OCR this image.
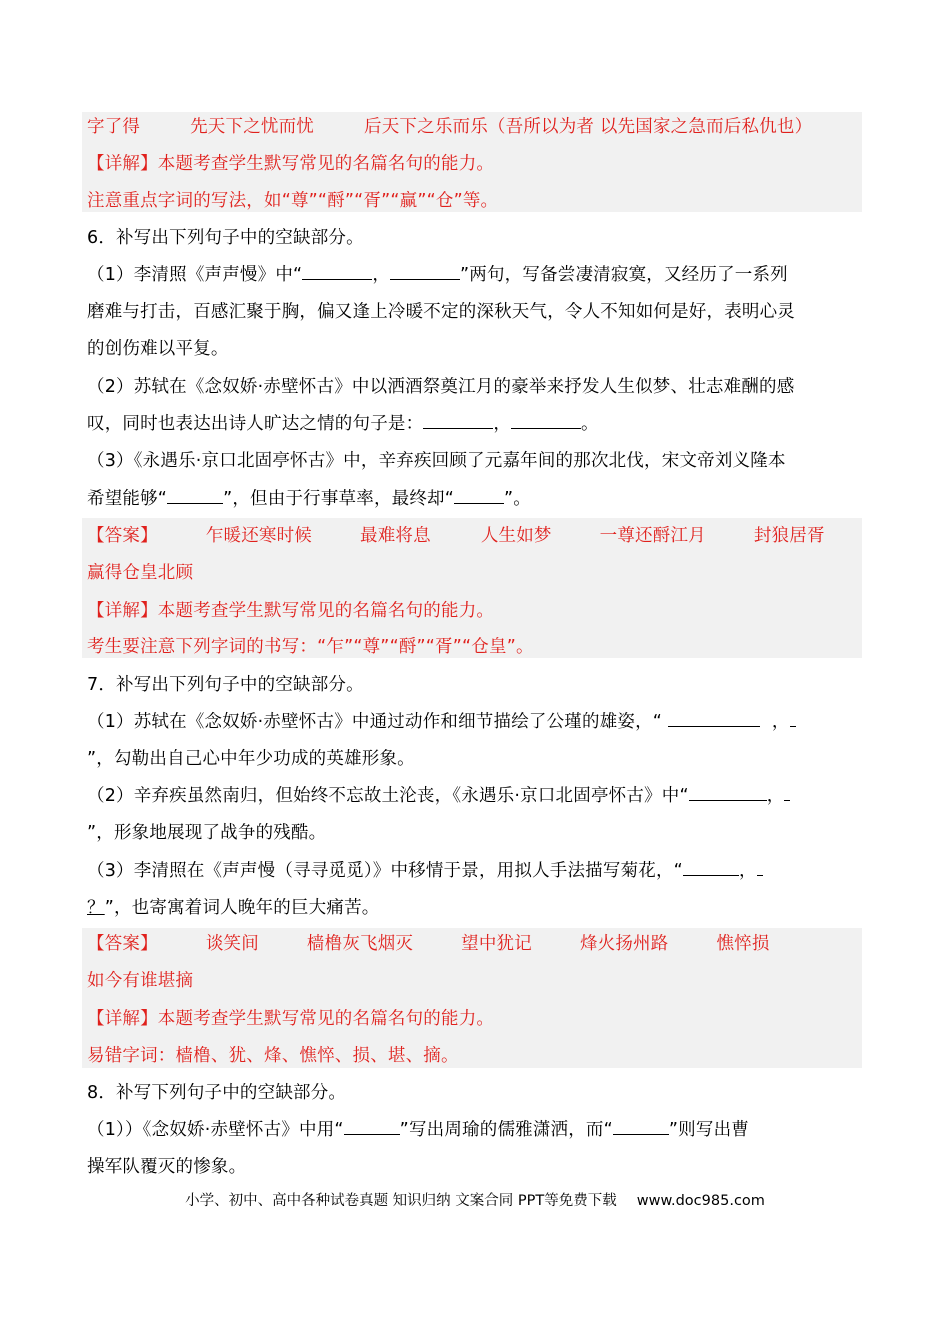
字了得	先天下之忧而忧	后天下之乐而乐（吾所以为者 以先国家之急而后私仇也）
【详解】本题考查学生默写常见的名篇名句的能力。
注意重点字词的写法，如“尊”“酹”“胥”“赢”“仓”等。
6．补写出下列句子中的空缺部分。
（1）李清照《声声慢》中“	，	”两句，写备尝凄清寂寞，又经历了一系列
磨难与打击，百感汇聚于胸，偏又逢上冷暖不定的深秋天气，令人不知如何是好，表明心灵
的创伤难以平复。
（2）苏轼在《念奴娇·赤壁怀古》中以洒酒祭奠江月的豪举来抒发人生似梦、壮志难酬的感
叹，同时也表达出诗人旷达之情的句子是：	，	。
（3）《永遇乐·京口北固亭怀古》中，辛弃疾回顾了元嘉年间的那次北伐，宋文帝刘义隆本
希望能够“	”，但由于行事草率，最终却“	”。
【答案】	乍暖还寒时候	最难将息	人生如梦	一尊还酹江月	封狼居胥
赢得仓皇北顾
【详解】本题考查学生默写常见的名篇名句的能力。
考生要注意下列字词的书写：“乍”“尊”“酹”“胥”“仓皇”。
7．补写出下列句子中的空缺部分。
（1）苏轼在《念奴娇·赤壁怀古》中通过动作和细节描绘了公瑾的雄姿，“	，
”，勾勒出自己心中年少功成的英雄形象。
（2）辛弃疾虽然南归，但始终不忘故土沦丧，《永遇乐·京口北固亭怀古》中“	，
”，形象地展现了战争的残酷。
（3）李清照在《声声慢（寻寻觅觅）》中移情于景，用拟人手法描写菊花，“	，
？”，也寄寓着词人晚年的巨大痛苦。
【答案】	谈笑间	樯橹灰飞烟灭	望中犹记	烽火扬州路	憔悴损
如今有谁堪摘
【详解】本题考查学生默写常见的名篇名句的能力。
易错字词：樯橹、犹、烽、憔悴、损、堪、摘。
8．补写下列句子中的空缺部分。
（1））《念奴娇·赤壁怀古》中用“	”写出周瑜的儒雅潇洒，而“	”则写出曹
操军队覆灭的惨象。
小学、初中、高中各种试卷真题 知识归纳 文案合同 PPT等免费下载 www.doc985.com
